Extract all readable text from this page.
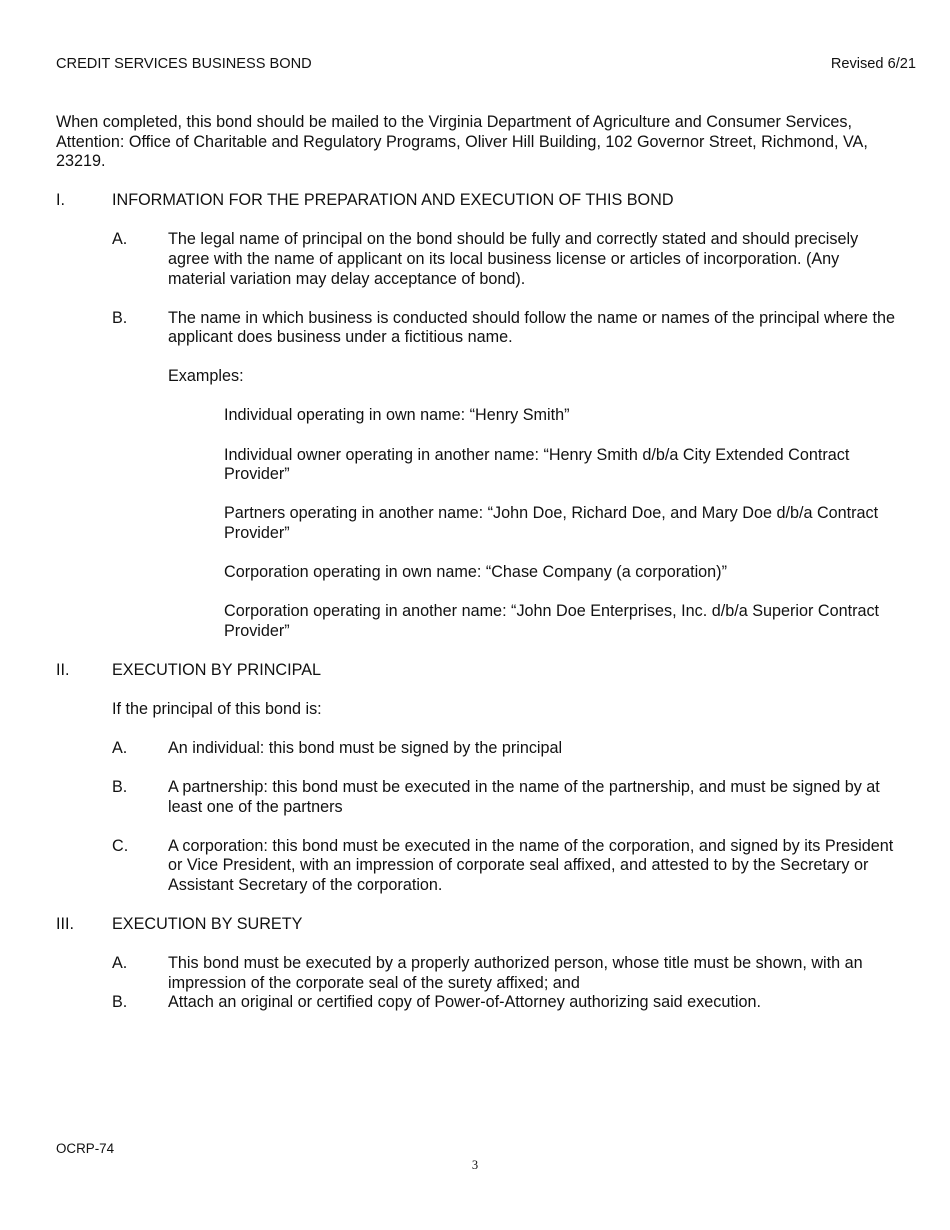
CREDIT SERVICES BUSINESS BOND	Revised 6/21
When completed, this bond should be mailed to the Virginia Department of Agriculture and Consumer Services, Attention: Office of Charitable and Regulatory Programs, Oliver Hill Building, 102 Governor Street, Richmond, VA, 23219.
I.	INFORMATION FOR THE PREPARATION AND EXECUTION OF THIS BOND
A.	The legal name of principal on the bond should be fully and correctly stated and should precisely agree with the name of applicant on its local business license or articles of incorporation. (Any material variation may delay acceptance of bond).
B.	The name in which business is conducted should follow the name or names of the principal where the applicant does business under a fictitious name.
Examples:
Individual operating in own name: “Henry Smith”
Individual owner operating in another name: “Henry Smith d/b/a City Extended Contract Provider”
Partners operating in another name: “John Doe, Richard Doe, and Mary Doe d/b/a Contract Provider”
Corporation operating in own name: “Chase Company (a corporation)”
Corporation operating in another name: “John Doe Enterprises, Inc. d/b/a Superior Contract Provider”
II.	EXECUTION BY PRINCIPAL
If the principal of this bond is:
A.	An individual: this bond must be signed by the principal
B.	A partnership: this bond must be executed in the name of the partnership, and must be signed by at least one of the partners
C.	A corporation: this bond must be executed in the name of the corporation, and signed by its President or Vice President, with an impression of corporate seal affixed, and attested to by the Secretary or Assistant Secretary of the corporation.
III.	EXECUTION BY SURETY
A.	This bond must be executed by a properly authorized person, whose title must be shown, with an impression of the corporate seal of the surety affixed; and
B.	Attach an original or certified copy of Power-of-Attorney authorizing said execution.
OCRP-74
3
